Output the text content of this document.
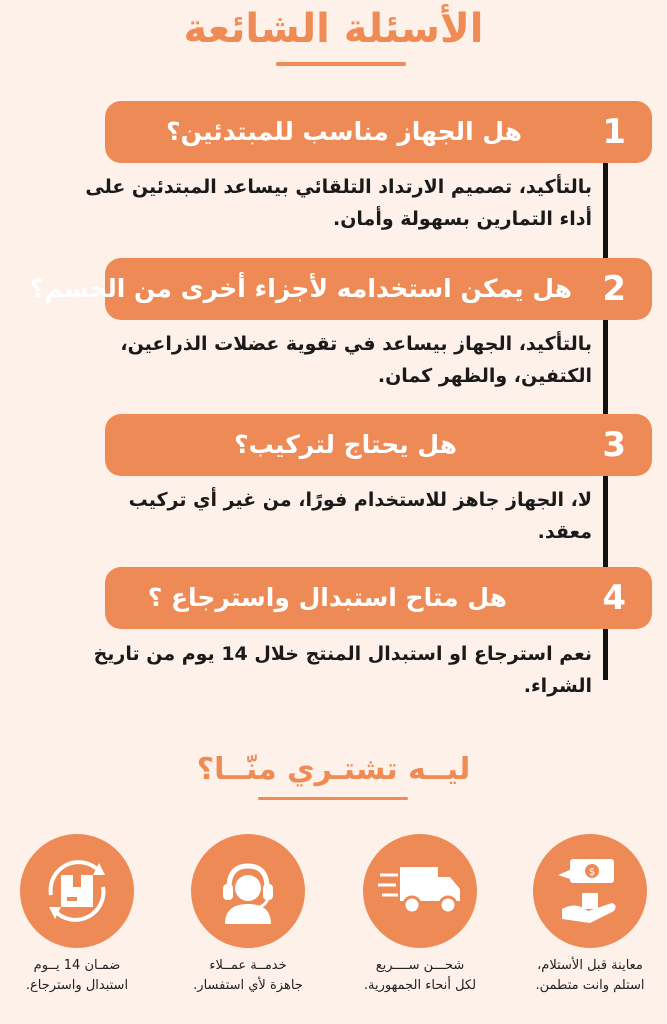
الأسئلة الشائعة
1
هل الجهاز مناسب للمبتدئين؟
بالتأكيد، تصميم الارتداد التلقائي بيساعد المبتدئين على أداء التمارين بسهولة وأمان.
2
هل يمكن استخدامه لأجزاء أخرى من الجسم؟
بالتأكيد، الجهاز بيساعد في تقوية عضلات الذراعين، الكتفين، والظهر كمان.
3
هل يحتاج لتركيب؟
لا، الجهاز جاهز للاستخدام فورًا، من غير أي تركيب معقد.
4
هل متاح استبدال واسترجاع ؟
نعم استرجاع او استبدال المنتج خلال 14 يوم من تاريخ الشراء.
ليــه تشتـري منّــا؟
$
معاينة قبل الأستلام،
استلم وانت متطمن.
شحـــن ســــريع
لكل أنحاء الجمهورية.
خدمــة عمــلاء
جاهزة لأي استفسار.
ضمـان 14 يــوم
استبدال واسترجاع.
